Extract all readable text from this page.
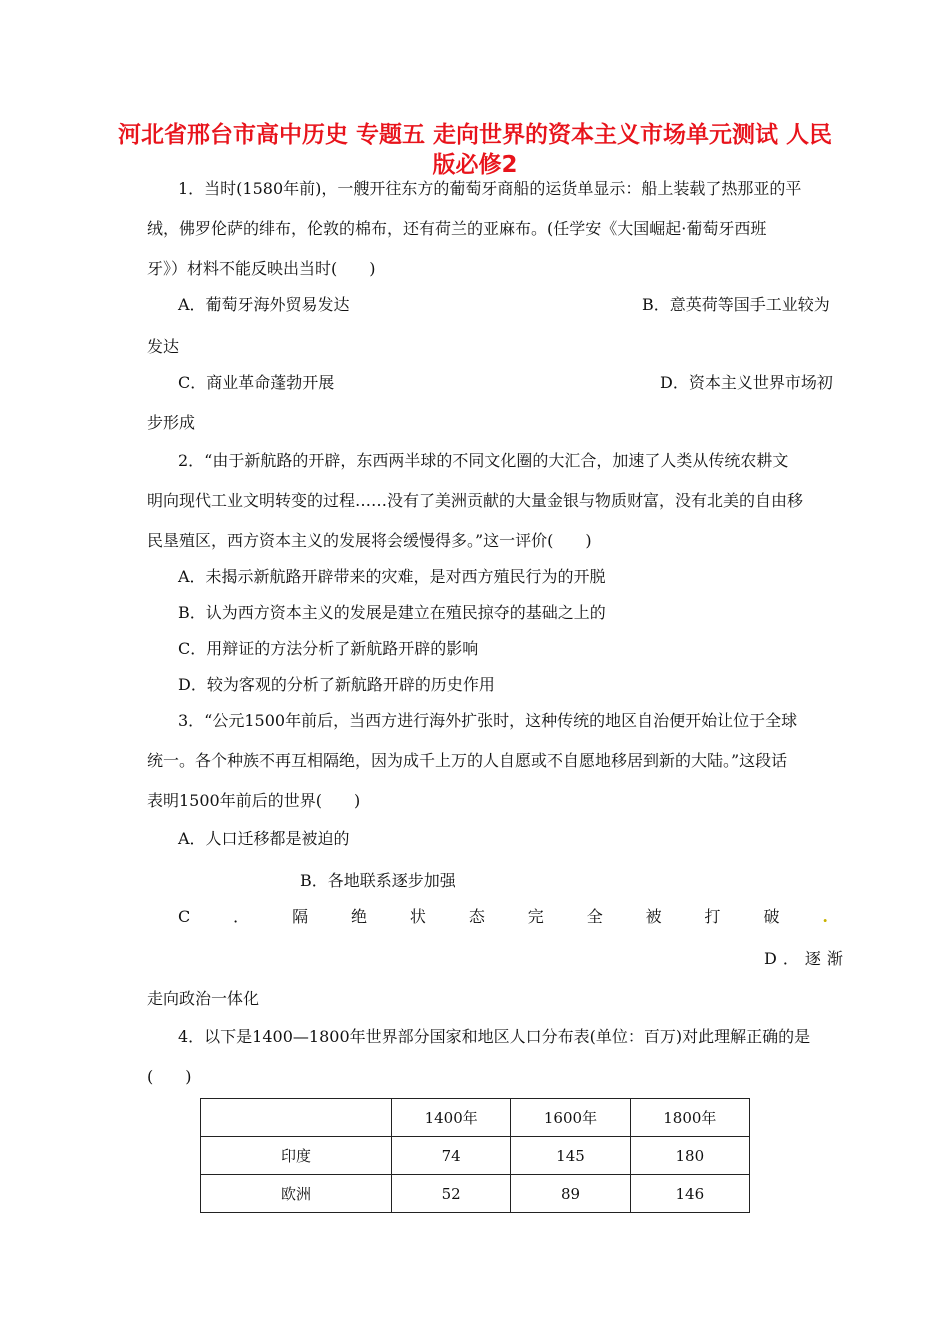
河北省邢台市高中历史 专题五 走向世界的资本主义市场单元测试 人民
版必修2
1．当时(1580年前)，一艘开往东方的葡萄牙商船的运货单显示：船上装载了热那亚的平
绒，佛罗伦萨的绯布，伦敦的棉布，还有荷兰的亚麻布。(任学安《大国崛起·葡萄牙西班
牙》）材料不能反映出当时(　　)
A．葡萄牙海外贸易发达	B．意英荷等国手工业较为
发达
C．商业革命蓬勃开展	D．资本主义世界市场初
步形成
2．“由于新航路的开辟，东西两半球的不同文化圈的大汇合，加速了人类从传统农耕文
明向现代工业文明转变的过程……没有了美洲贡献的大量金银与物质财富，没有北美的自由移
民垦殖区，西方资本主义的发展将会缓慢得多。”这一评价(　　)
A．未揭示新航路开辟带来的灾难，是对西方殖民行为的开脱
B．认为西方资本主义的发展是建立在殖民掠夺的基础之上的
C．用辩证的方法分析了新航路开辟的影响
D．较为客观的分析了新航路开辟的历史作用
3．“公元1500年前后，当西方进行海外扩张时，这种传统的地区自治便开始让位于全球
统一。各个种族不再互相隔绝，因为成千上万的人自愿或不自愿地移居到新的大陆。”这段话
表明1500年前后的世界(　　)
A．人口迁移都是被迫的
B．各地联系逐步加强
C	．	隔	绝	状	态	完	全	被	打	破	.
D．逐渐
走向政治一体化
4．以下是1400—1800年世界部分国家和地区人口分布表(单位：百万)对此理解正确的是
(　　)
	1400年	1600年	1800年
印度	74	145	180
欧洲	52	89	146
